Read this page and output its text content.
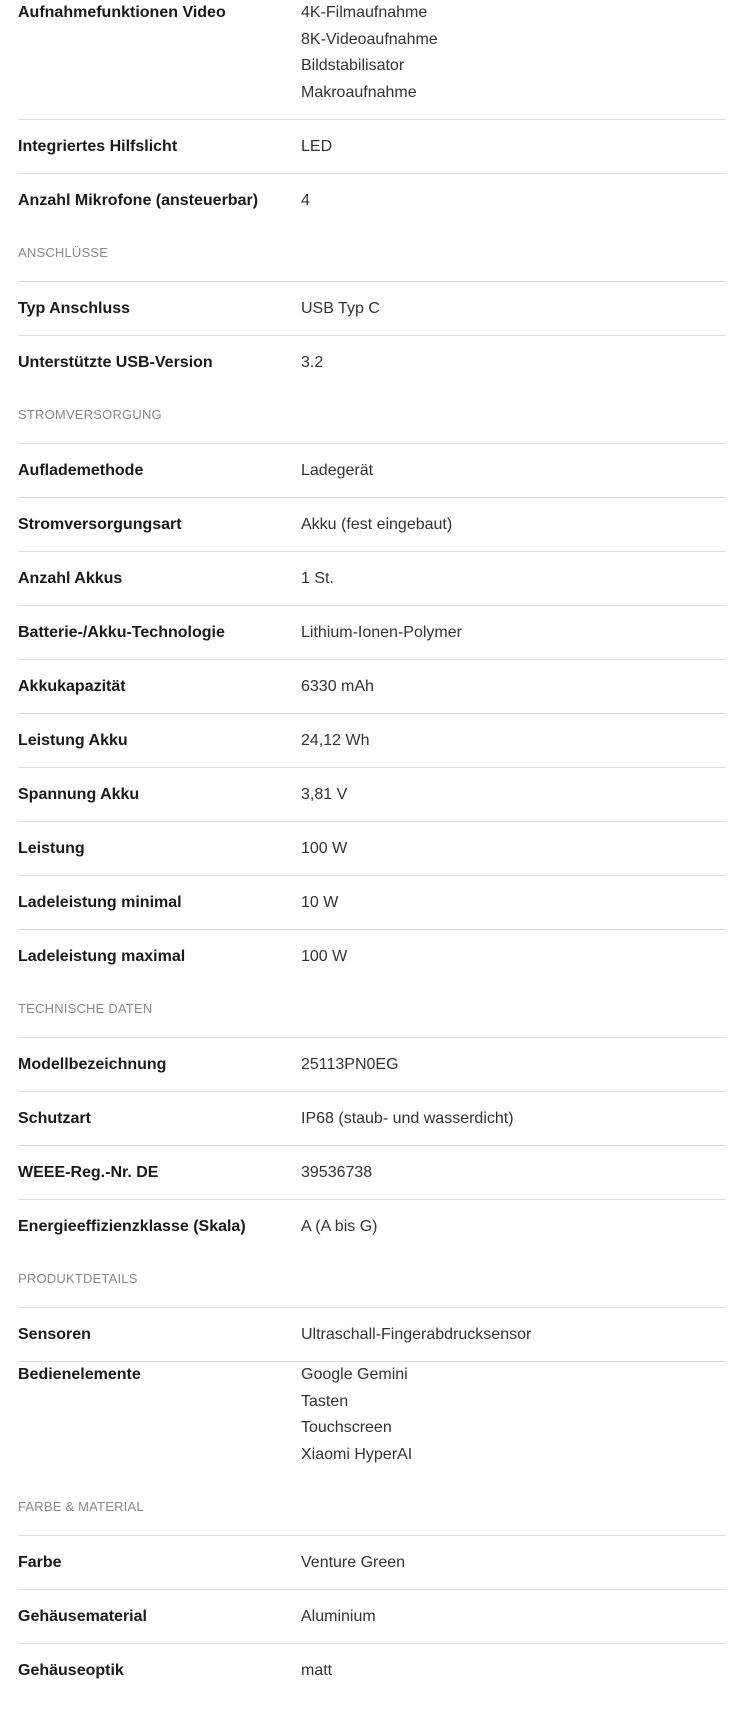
Aufnahmefunktionen Video	4K-Filmaufnahme
8K-Videoaufnahme
Bildstabilisator
Makroaufnahme
Integriertes Hilfslicht	LED
Anzahl Mikrofone (ansteuerbar)	4
ANSCHLÜSSE
Typ Anschluss	USB Typ C
Unterstützte USB-Version	3.2
STROMVERSORGUNG
Auflademethode	Ladegerät
Stromversorgungsart	Akku (fest eingebaut)
Anzahl Akkus	1 St.
Batterie-/Akku-Technologie	Lithium-Ionen-Polymer
Akkukapazität	6330 mAh
Leistung Akku	24,12 Wh
Spannung Akku	3,81 V
Leistung	100 W
Ladeleistung minimal	10 W
Ladeleistung maximal	100 W
TECHNISCHE DATEN
Modellbezeichnung	25113PN0EG
Schutzart	IP68 (staub- und wasserdicht)
WEEE-Reg.-Nr. DE	39536738
Energieeffizienzklasse (Skala)	A (A bis G)
PRODUKTDETAILS
Sensoren	Ultraschall-Fingerabdrucksensor
Bedienelemente	Google Gemini
Tasten
Touchscreen
Xiaomi HyperAI
FARBE & MATERIAL
Farbe	Venture Green
Gehäusematerial	Aluminium
Gehäuseoptik	matt
